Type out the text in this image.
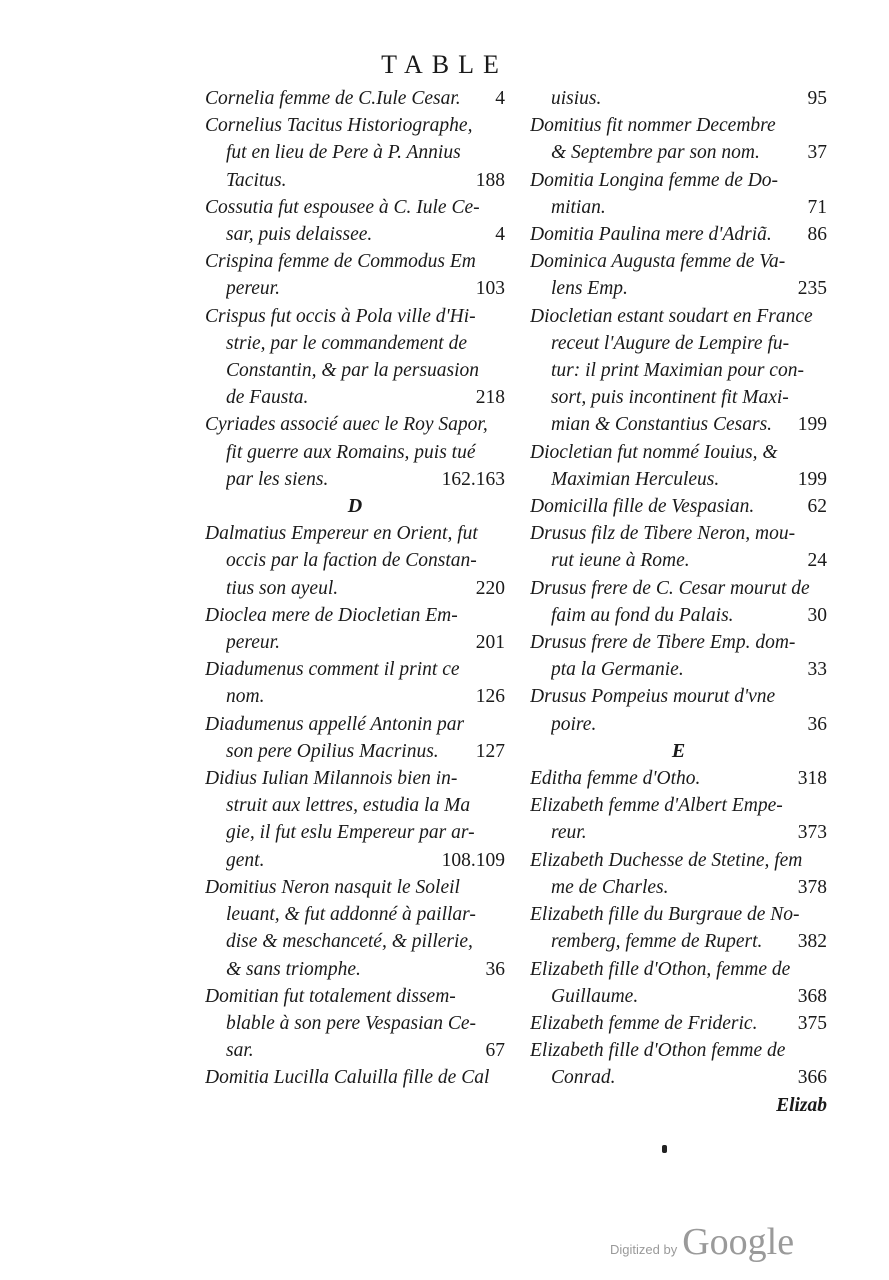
TABLE
Cornelia femme de C.Iule Cesar.	4
Cornelius Tacitus Historiographe,
fut en lieu de Pere à P. Annius
Tacitus.	188
Cossutia fut espousee à C. Iule Ce-
sar, puis delaissee.	4
Crispina femme de Commodus Em
pereur.	103
Crispus fut occis à Pola ville d'Hi-
strie, par le commandement de
Constantin, & par la persuasion
de Fausta.	218
Cyriades associé auec le Roy Sapor,
fit guerre aux Romains, puis tué
par les siens.	162.163
D
Dalmatius Empereur en Orient, fut
occis par la faction de Constan-
tius son ayeul.	220
Dioclea mere de Diocletian Em-
pereur.	201
Diadumenus comment il print ce
nom.	126
Diadumenus appellé Antonin par
son pere Opilius Macrinus.	127
Didius Iulian Milannois bien in-
struit aux lettres, estudia la Ma
gie, il fut eslu Empereur par ar-
gent.	108.109
Domitius Neron nasquit le Soleil
leuant, & fut addonné à paillar-
dise & meschanceté, & pillerie,
& sans triomphe.	36
Domitian fut totalement dissem-
blable à son pere Vespasian Ce-
sar.	67
Domitia Lucilla Caluilla fille de Cal
uisius.	95
Domitius fit nommer Decembre
& Septembre par son nom.	37
Domitia Longina femme de Do-
mitian.	71
Domitia Paulina mere d'Adriã.	86
Dominica Augusta femme de Va-
lens Emp.	235
Diocletian estant soudart en France
receut l'Augure de Lempire fu-
tur: il print Maximian pour con-
sort, puis incontinent fit Maxi-
mian & Constantius Cesars.	199
Diocletian fut nommé Iouius, &
Maximian Herculeus.	199
Domicilla fille de Vespasian.	62
Drusus filz de Tibere Neron, mou-
rut ieune à Rome.	24
Drusus frere de C. Cesar mourut de
faim au fond du Palais.	30
Drusus frere de Tibere Emp. dom-
pta la Germanie.	33
Drusus Pompeius mourut d'vne
poire.	36
E
Editha femme d'Otho.	318
Elizabeth femme d'Albert Empe-
reur.	373
Elizabeth Duchesse de Stetine, fem
me de Charles.	378
Elizabeth fille du Burgraue de No-
remberg, femme de Rupert.	382
Elizabeth fille d'Othon, femme de
Guillaume.	368
Elizabeth femme de Frideric.	375
Elizabeth fille d'Othon femme de
Conrad.	366
Elizab
Digitized by Google
